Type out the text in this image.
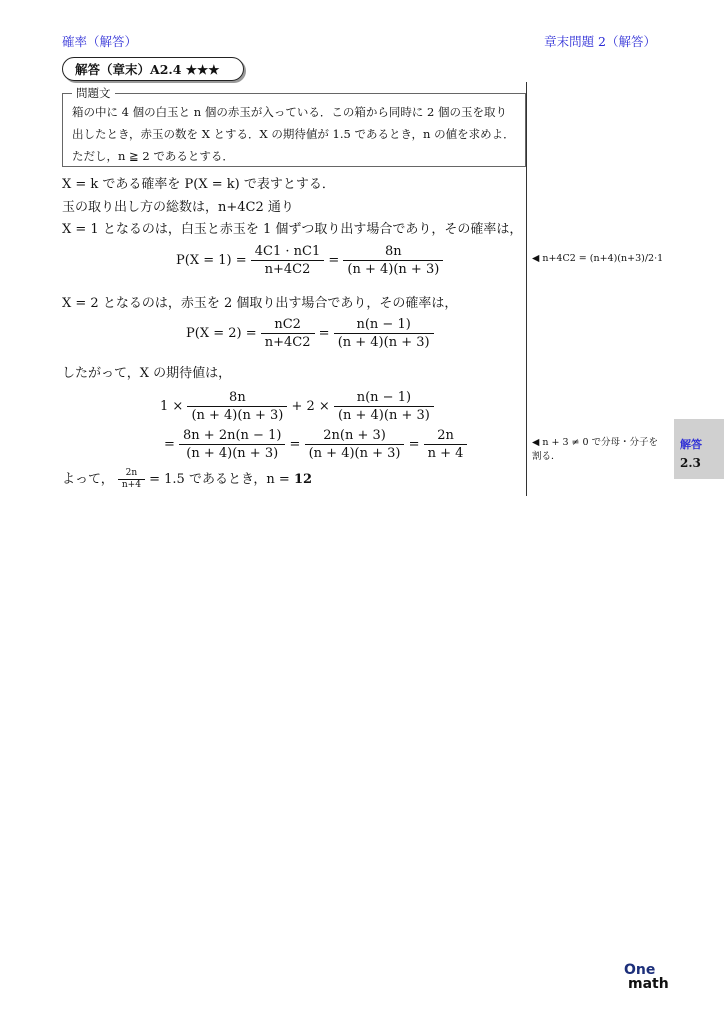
確率（解答）	章末問題 2（解答）
解答（章末）A2.4 ★★★
問題文
箱の中に 4 個の白玉と n 個の赤玉が入っている．この箱から同時に 2 個の玉を取り出したとき，赤玉の数を X とする．X の期待値が 1.5 であるとき，n の値を求めよ．ただし，n ≧ 2 であるとする．
X = k である確率を P(X = k) で表すとする．
玉の取り出し方の総数は，n+4C2 通り
X = 1 となるのは，白玉と赤玉を 1 個ずつ取り出す場合であり，その確率は，
$P(X = 1) = \frac{4C1 \cdot nC1}{n+4C2} = \frac{8n}{(n + 4)(n + 3)}$	◀ n+4C2 = (n+4)(n+3)/2·1
X = 2 となるのは，赤玉を 2 個取り出す場合であり，その確率は，
$P(X = 2) = \frac{nC2}{n+4C2} = \frac{n(n - 1)}{(n + 4)(n + 3)}$
したがって，X の期待値は，
$1 \times \frac{8n}{(n + 4)(n + 3)} + 2 \times \frac{n(n - 1)}{(n + 4)(n + 3)}$
= $\frac{8n + 2n(n - 1)}{(n + 4)(n + 3)} = \frac{2n(n + 3)}{(n + 4)(n + 3)} = \frac{2n}{n + 4}$	◀ n + 3 ≠ 0 で分母・分子を
割る．
よって， $\frac{2n}{n+4} = 1.5$ であるとき，n = 12
解答
2.3
One
math
